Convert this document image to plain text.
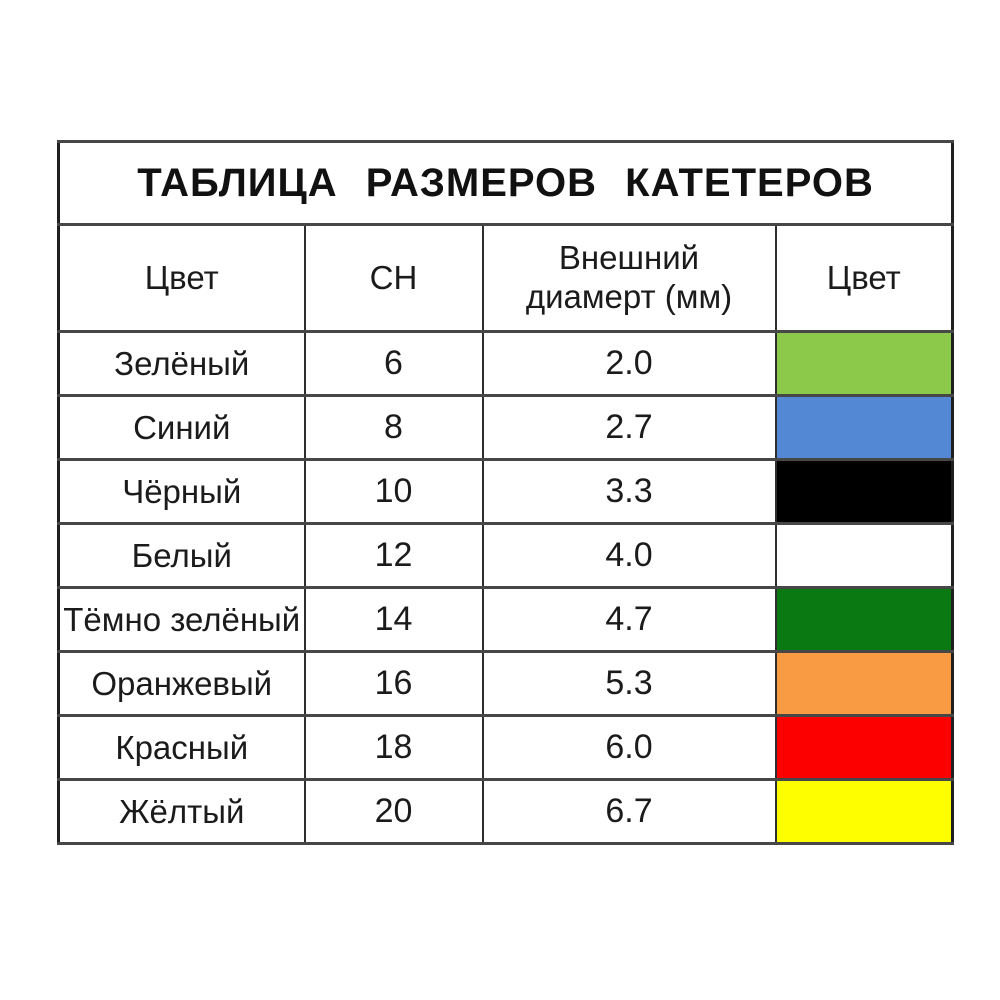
ТАБЛИЦА РАЗМЕРОВ КАТЕТЕРОВ			
Цвет	CH	Внешний
диамерт (мм)	Цвет
Зелёный	6	2.0	
Синий	8	2.7	
Чёрный	10	3.3	
Белый	12	4.0	
Тёмно зелёный	14	4.7	
Оранжевый	16	5.3	
Красный	18	6.0	
Жёлтый	20	6.7	
